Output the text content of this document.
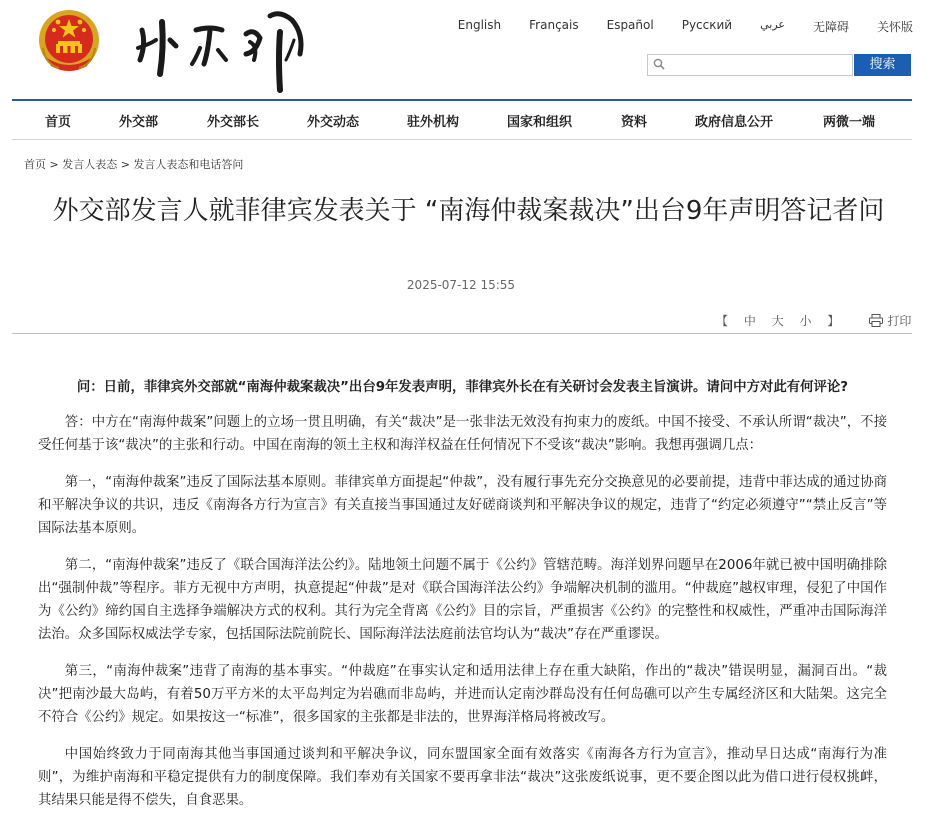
English Français Español Русский	عربي 无障碍 关怀版
搜索
首页	外交部	外交部长	外交动态	驻外机构	国家和组织	资料	政府信息公开	两微一端
首页 > 发言人表态 > 发言人表态和电话答问
外交部发言人就菲律宾发表关于 “南海仲裁案裁决”出台9年声明答记者问
2025-07-12 15:55
【 中 大 小 】	打印

问：日前，菲律宾外交部就“南海仲裁案裁决”出台9年发表声明，菲律宾外长在有关研讨会发表主旨演讲。请问中方对此有何评论?

答：中方在“南海仲裁案”问题上的立场一贯且明确，有关“裁决”是一张非法无效没有拘束力的废纸。中国不接受、不承认所谓“裁决”，不接受任何基于该“裁决”的主张和行动。中国在南海的领土主权和海洋权益在任何情况下不受该“裁决”影响。我想再强调几点：

第一，“南海仲裁案”违反了国际法基本原则。菲律宾单方面提起“仲裁”，没有履行事先充分交换意见的必要前提，违背中菲达成的通过协商和平解决争议的共识，违反《南海各方行为宣言》有关直接当事国通过友好磋商谈判和平解决争议的规定，违背了“约定必须遵守”“禁止反言”等国际法基本原则。

第二，“南海仲裁案”违反了《联合国海洋法公约》。陆地领土问题不属于《公约》管辖范畴。海洋划界问题早在2006年就已被中国明确排除出“强制仲裁”等程序。菲方无视中方声明，执意提起“仲裁”是对《联合国海洋法公约》争端解决机制的滥用。“仲裁庭”越权审理，侵犯了中国作为《公约》缔约国自主选择争端解决方式的权利。其行为完全背离《公约》目的宗旨，严重损害《公约》的完整性和权威性，严重冲击国际海洋法治。众多国际权威法学专家，包括国际法院前院长、国际海洋法法庭前法官均认为“裁决”存在严重谬误。

第三，“南海仲裁案”违背了南海的基本事实。“仲裁庭”在事实认定和适用法律上存在重大缺陷，作出的“裁决”错误明显，漏洞百出。“裁决”把南沙最大岛屿，有着50万平方米的太平岛判定为岩礁而非岛屿，并进而认定南沙群岛没有任何岛礁可以产生专属经济区和大陆架。这完全不符合《公约》规定。如果按这一“标准”，很多国家的主张都是非法的，世界海洋格局将被改写。

中国始终致力于同南海其他当事国通过谈判和平解决争议，同东盟国家全面有效落实《南海各方行为宣言》，推动早日达成“南海行为准则”，为维护南海和平稳定提供有力的制度保障。我们奉劝有关国家不要再拿非法“裁决”这张废纸说事，更不要企图以此为借口进行侵权挑衅，其结果只能是得不偿失，自食恶果。
